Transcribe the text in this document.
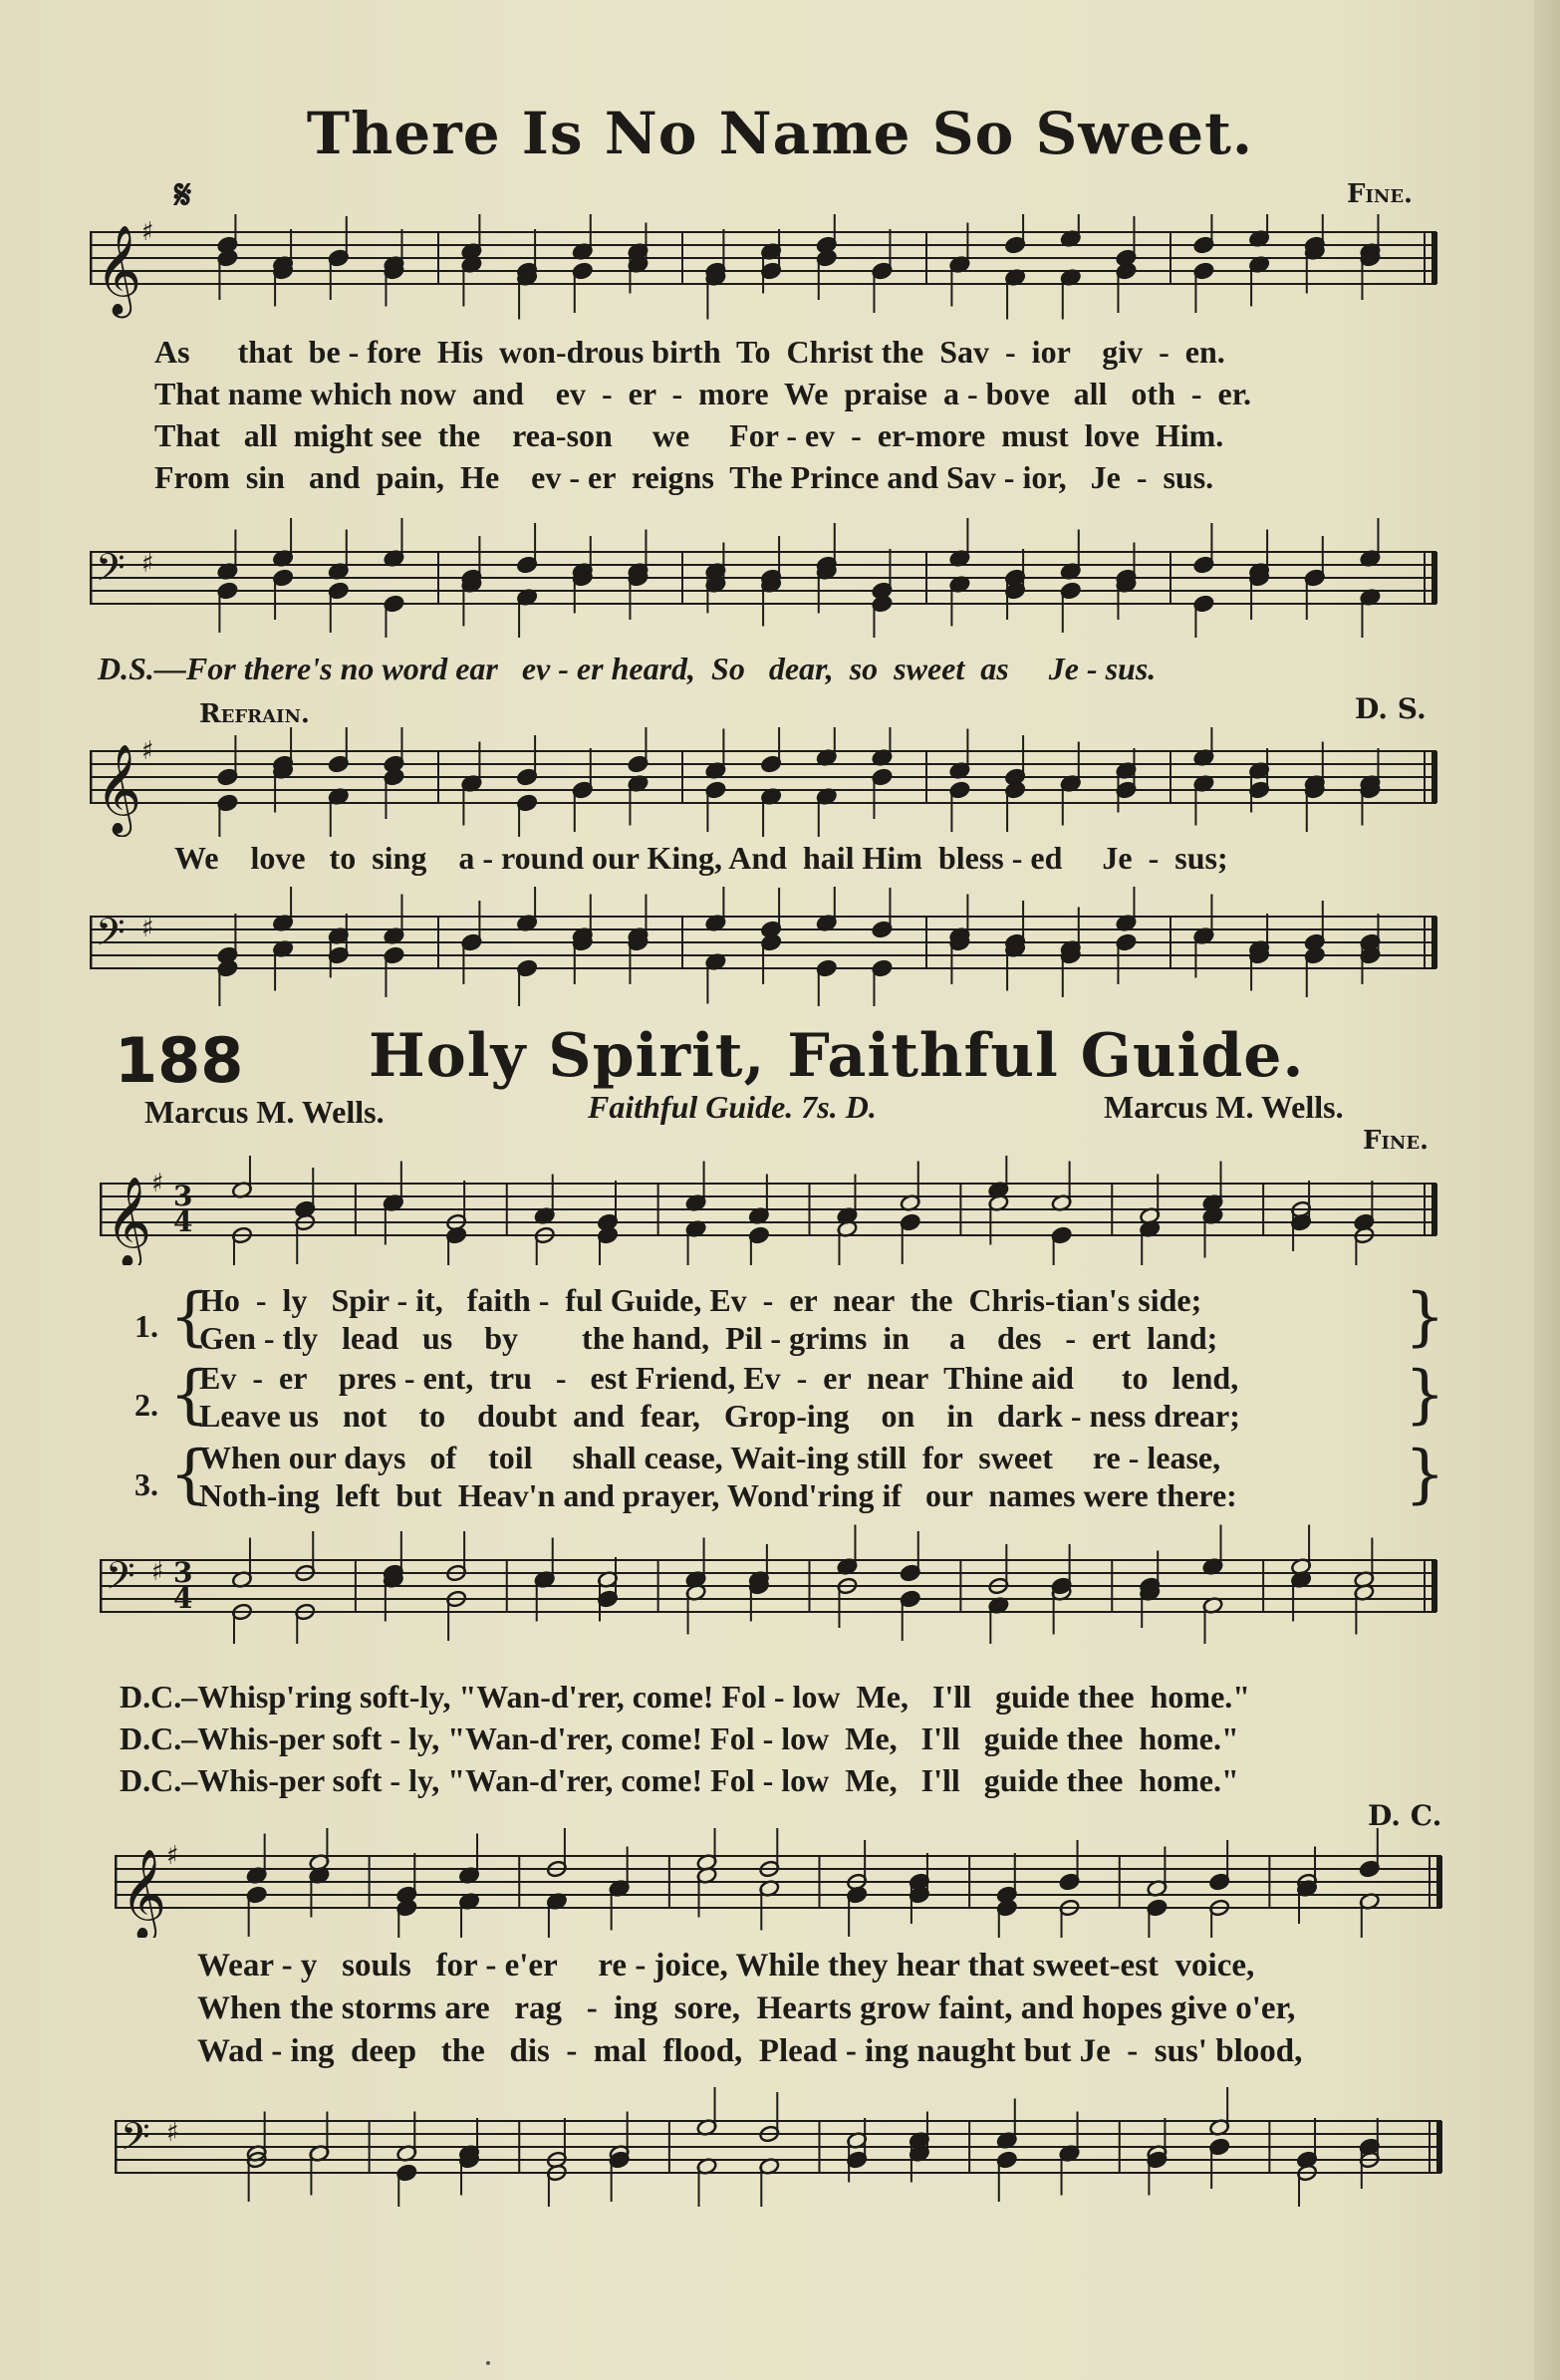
There Is No Name So Sweet.
𝄋	Fine.
𝄞 ♯
As      that  be - fore  His  won-drous birth  To  Christ the  Sav  -  ior    giv  -  en.
That name which now  and    ev  -  er  -  more  We  praise  a - bove   all   oth  -  er.
That   all  might see  the    rea-son     we     For - ev  -  er-more  must  love  Him.
From  sin   and  pain,  He    ev - er  reigns  The Prince and Sav - ior,   Je  -  sus.
𝄢 ♯
D.S.—For there's no word ear   ev - er heard,  So   dear,  so  sweet  as     Je - sus.
Refrain.	D. S.
𝄞 ♯
We    love   to  sing    a - round our King, And  hail Him  bless - ed     Je  -  sus;
𝄢 ♯
188 Holy Spirit, Faithful Guide.
Marcus M. Wells.	Faithful Guide. 7s. D.	Marcus M. Wells.
Fine.
𝄞 ♯ 3
4
1. {
Ho  -  ly   Spir - it,   faith -  ful Guide, Ev  -  er  near  the  Chris-tian's side;
Gen - tly   lead   us    by        the hand,  Pil - grims  in     a    des   -  ert  land;	}
2. {
Ev  -  er    pres - ent,  tru   -   est Friend, Ev  -  er  near  Thine aid      to   lend,
Leave us   not    to    doubt  and  fear,   Grop-ing    on    in   dark - ness drear;	}
3. {
When our days   of    toil     shall cease, Wait-ing still  for  sweet     re - lease,
Noth-ing  left  but  Heav'n and prayer, Wond'ring if   our  names were there:	}
𝄢 ♯ 3
4
D.C.–Whisp'ring soft-ly, "Wan-d'rer, come! Fol - low  Me,   I'll   guide thee  home."
D.C.–Whis-per soft - ly, "Wan-d'rer, come! Fol - low  Me,   I'll   guide thee  home."
D.C.–Whis-per soft - ly, "Wan-d'rer, come! Fol - low  Me,   I'll   guide thee  home."
D. C.
𝄞 ♯
Wear - y   souls   for - e'er     re - joice, While they hear that sweet-est  voice,
When the storms are   rag   -  ing  sore,  Hearts grow faint, and hopes give o'er,
Wad - ing  deep   the   dis  -  mal  flood,  Plead - ing naught but Je  -  sus' blood,
𝄢 ♯
